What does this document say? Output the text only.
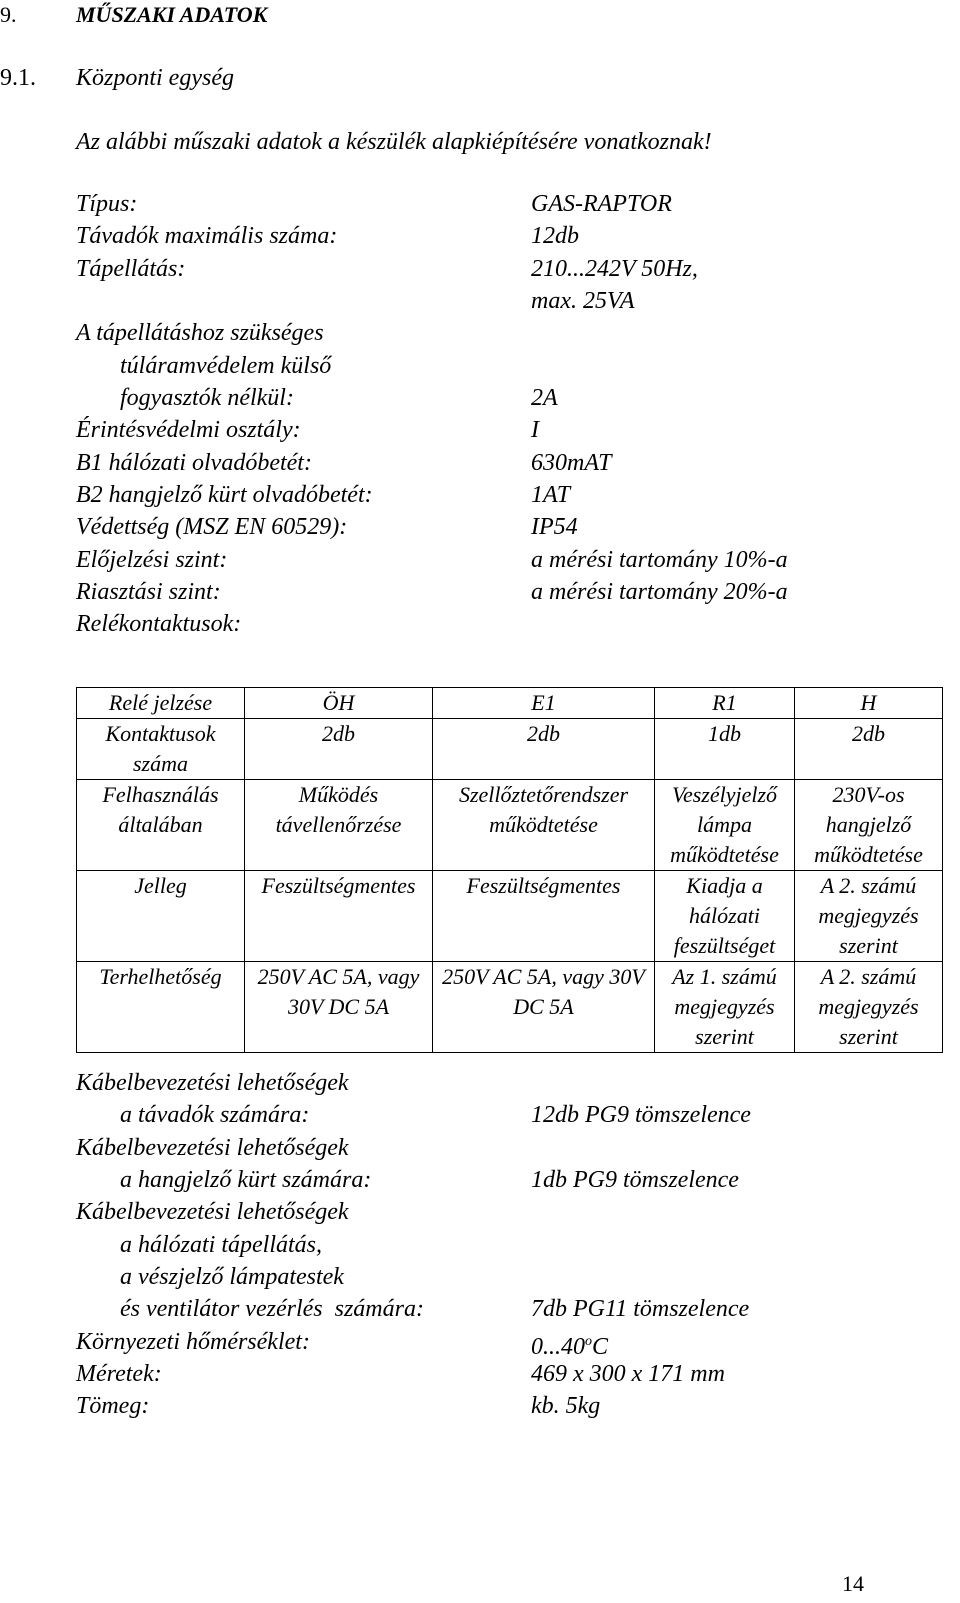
9.	MŰSZAKI ADATOK
9.1. Központi egység
Az alábbi műszaki adatok a készülék alapkiépítésére vonatkoznak!
Típus:	GAS-RAPTOR
Távadók maximális száma:	12db
Tápellátás:	210...242V 50Hz,
max. 25VA
A tápellátáshoz szükséges
túláramvédelem külső
fogyasztók nélkül:	2A
Érintésvédelmi osztály:	I
B1 hálózati olvadóbetét:	630mAT
B2 hangjelző kürt olvadóbetét:	1AT
Védettség (MSZ EN 60529):	IP54
Előjelzési szint:	a mérési tartomány 10%-a
Riasztási szint:	a mérési tartomány 20%-a
Relékontaktusok:
Relé jelzése	ÖH	E1	R1	H
Kontaktusok száma	2db	2db	1db	2db
Felhasználás általában	Működés távellenőrzése	Szellőztetőrendszer működtetése	Veszélyjelző lámpa működtetése	230V-os hangjelző működtetése
Jelleg	Feszültségmentes	Feszültségmentes	Kiadja a hálózati feszültséget	A 2. számú megjegyzés szerint
Terhelhetőség	250V AC 5A, vagy 30V DC 5A	250V AC 5A, vagy 30V DC 5A	Az 1. számú megjegyzés szerint	A 2. számú megjegyzés szerint
Kábelbevezetési lehetőségek
a távadók számára:	12db PG9 tömszelence
Kábelbevezetési lehetőségek
a hangjelző kürt számára:	1db PG9 tömszelence
Kábelbevezetési lehetőségek
a hálózati tápellátás,
a vészjelző lámpatestek
és ventilátor vezérlés  számára:	7db PG11 tömszelence
Környezeti hőmérséklet:	0...40$^o$C
Méretek:	469 x 300 x 171 mm
Tömeg:	kb. 5kg
14
